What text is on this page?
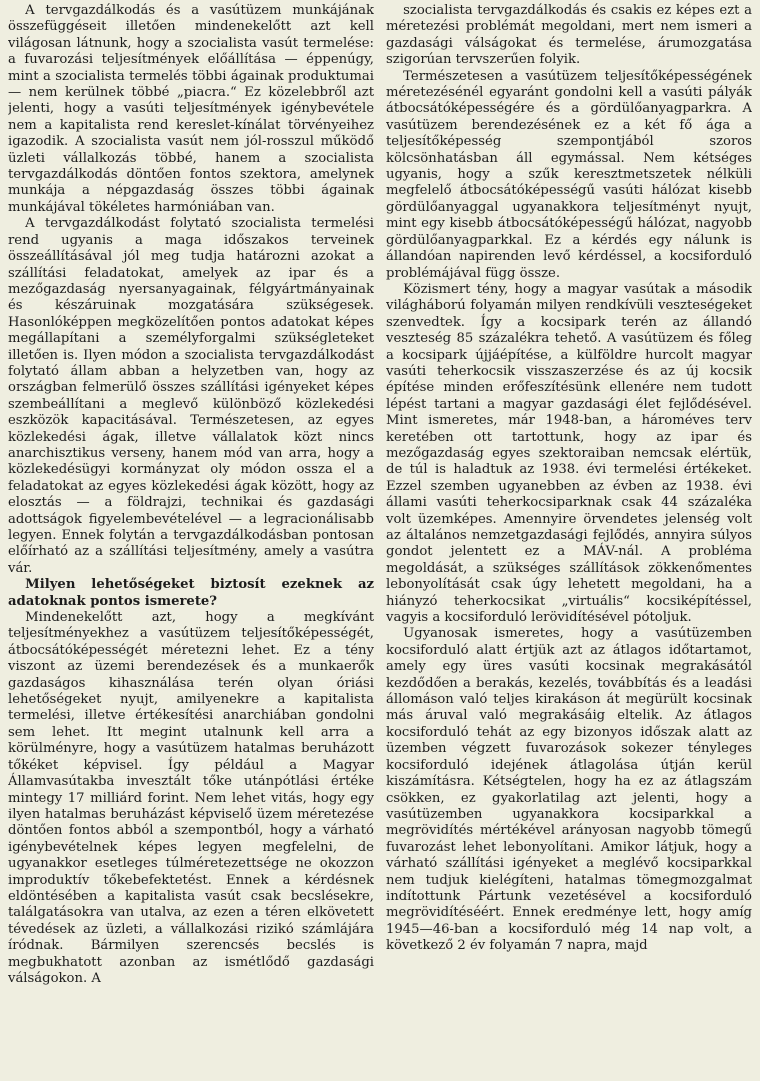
A tervgazdálkodás és a vasútüzem munkájának összefüggéseit illetően mindenekelőtt azt kell világosan látnunk, hogy a szocialista vasút termelése: a fuvarozási teljesítmények előállítása — éppenúgy, mint a szocialista termelés többi ágainak produktumai — nem kerülnek többé „piacra.“ Ez közelebbről azt jelenti, hogy a vasúti teljesítmények igénybevétele nem a kapitalista rend kereslet-kínálat törvényeihez igazodik. A szocialista vasút nem jól-rosszul működő üzleti vállalkozás többé, hanem a szocialista tervgazdálkodás döntően fontos szektora, amelynek munkája a népgazdaság összes többi ágainak munkájával tökéletes harmóniában van.

A tervgazdálkodást folytató szocialista termelési rend ugyanis a maga időszakos terveinek összeállításával jól meg tudja határozni azokat a szállítási feladatokat, amelyek az ipar és a mezőgazdaság nyersanyagainak, félgyártmányainak és készáruinak mozgatására szükségesek. Hasonlóképpen megközelítően pontos adatokat képes megállapítani a személyforgalmi szükségleteket illetően is. Ilyen módon a szocialista tervgazdálkodást folytató állam abban a helyzetben van, hogy az országban felmerülő összes szállítási igényeket képes szembeállítani a meglevő különböző közlekedési eszközök kapacitásával. Természetesen, az egyes közlekedési ágak, illetve vállalatok közt nincs anarchisztikus verseny, hanem mód van arra, hogy a közlekedésügyi kormányzat oly módon ossza el a feladatokat az egyes közlekedési ágak között, hogy az elosztás — a földrajzi, technikai és gazdasági adottságok figyelembevételével — a legracionálisabb legyen. Ennek folytán a tervgazdálkodásban pontosan előírható az a szállítási teljesítmény, amely a vasútra vár.

Milyen lehetőségeket biztosít ezeknek az adatoknak pontos ismerete?

Mindenekelőtt azt, hogy a megkívánt teljesítményekhez a vasútüzem teljesítőképességét, átbocsátóképességét méretezni lehet. Ez a tény viszont az üzemi berendezések és a munkaerők gazdaságos kihasználása terén olyan óriási lehetőségeket nyujt, amilyenekre a kapitalista termelési, illetve értékesítési anarchiában gondolni sem lehet. Itt megint utalnunk kell arra a körülményre, hogy a vasútüzem hatalmas beruházott tőkéket képvisel. Így például a Magyar Államvasútakba invesztált tőke utánpótlási értéke mintegy 17 milliárd forint. Nem lehet vitás, hogy egy ilyen hatalmas beruházást képviselő üzem méretezése döntően fontos abból a szempontból, hogy a várható igénybevételnek képes legyen megfelelni, de ugyanakkor esetleges túlméretezettsége ne okozzon improduktív tőkebefektetést. Ennek a kérdésnek eldöntésében a kapitalista vasút csak becslésekre, találgatásokra van utalva, az ezen a téren elkövetett tévedések az üzleti, a vállalkozási rizikó számlájára íródnak. Bármilyen szerencsés becslés is megbukhatott azonban az ismétlődő gazdasági válságokon. A

szocialista tervgazdálkodás és csakis ez képes ezt a méretezési problémát megoldani, mert nem ismeri a gazdasági válságokat és termelése, árumozgatása szigorúan tervszerűen folyik.

Természetesen a vasútüzem teljesítőképességének méretezésénél egyaránt gondolni kell a vasúti pályák átbocsátóképességére és a gördülőanyagparkra. A vasútüzem berendezésének ez a két fő ága a teljesítőképesség szempontjából szoros kölcsönhatásban áll egymással. Nem kétséges ugyanis, hogy a szűk keresztmetszetek nélküli megfelelő átbocsátóképességű vasúti hálózat kisebb gördülőanyaggal ugyanakkora teljesítményt nyujt, mint egy kisebb átbocsátóképességű hálózat, nagyobb gördülőanyagparkkal. Ez a kérdés egy nálunk is állandóan napirenden levő kérdéssel, a kocsiforduló problémájával függ össze.

Közismert tény, hogy a magyar vasútak a második világháború folyamán milyen rendkívüli veszteségeket szenvedtek. Így a kocsipark terén az állandó veszteség 85 százalékra tehető. A vasútüzem és főleg a kocsipark újjáépítése, a külföldre hurcolt magyar vasúti teherkocsik visszaszerzése és az új kocsik építése minden erőfeszítésünk ellenére nem tudott lépést tartani a magyar gazdasági élet fejlődésével. Mint ismeretes, már 1948-ban, a hároméves terv keretében ott tartottunk, hogy az ipar és mezőgazdaság egyes szektoraiban nemcsak elértük, de túl is haladtuk az 1938. évi termelési értékeket. Ezzel szemben ugyanebben az évben az 1938. évi állami vasúti teherkocsiparknak csak 44 százaléka volt üzemképes. Amennyire örvendetes jelenség volt az általános nemzetgazdasági fejlődés, annyira súlyos gondot jelentett ez a MÁV-nál. A probléma megoldását, a szükséges szállítások zökkenőmentes lebonyolítását csak úgy lehetett megoldani, ha a hiányzó teherkocsikat „virtuális“ kocsiképítéssel, vagyis a kocsiforduló lerövidítésével pótoljuk.

Ugyanosak ismeretes, hogy a vasútüzemben kocsiforduló alatt értjük azt az átlagos időtartamot, amely egy üres vasúti kocsinak megrakásától kezdődően a berakás, kezelés, továbbítás és a leadási állomáson való teljes kirakáson át megürült kocsinak más áruval való megrakásáig eltelik. Az átlagos kocsiforduló tehát az egy bizonyos időszak alatt az üzemben végzett fuvarozások sokezer tényleges kocsiforduló idejének átlagolása útján kerül kiszámításra. Kétségtelen, hogy ha ez az átlagszám csökken, ez gyakorlatilag azt jelenti, hogy a vasútüzemben ugyanakkora kocsiparkkal a megrövidítés mértékével arányosan nagyobb tömegű fuvarozást lehet lebonyolítani. Amikor látjuk, hogy a várható szállítási igényeket a meglévő kocsiparkkal nem tudjuk kielégíteni, hatalmas tömegmozgalmat indítottunk Pártunk vezetésével a kocsiforduló megrövidítéséért. Ennek eredménye lett, hogy amíg 1945—46-ban a kocsiforduló még 14 nap volt, a következő 2 év folyamán 7 napra, majd
